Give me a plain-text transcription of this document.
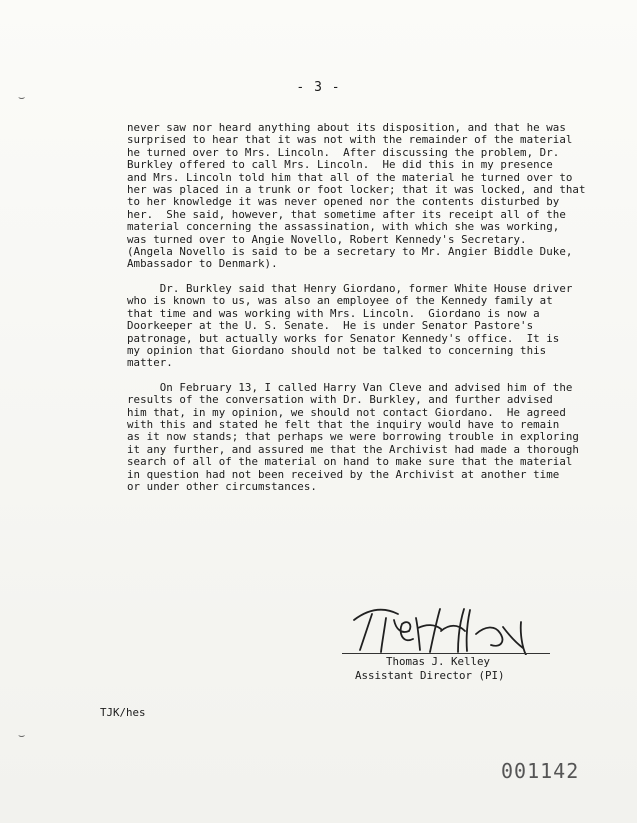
- 3 -
never saw nor heard anything about its disposition, and that he was
surprised to hear that it was not with the remainder of the material
he turned over to Mrs. Lincoln.  After discussing the problem, Dr.
Burkley offered to call Mrs. Lincoln.  He did this in my presence
and Mrs. Lincoln told him that all of the material he turned over to
her was placed in a trunk or foot locker; that it was locked, and that
to her knowledge it was never opened nor the contents disturbed by
her.  She said, however, that sometime after its receipt all of the
material concerning the assassination, with which she was working,
was turned over to Angie Novello, Robert Kennedy's Secretary.
(Angela Novello is said to be a secretary to Mr. Angier Biddle Duke,
Ambassador to Denmark).
Dr. Burkley said that Henry Giordano, former White House driver
who is known to us, was also an employee of the Kennedy family at
that time and was working with Mrs. Lincoln.  Giordano is now a
Doorkeeper at the U. S. Senate.  He is under Senator Pastore's
patronage, but actually works for Senator Kennedy's office.  It is
my opinion that Giordano should not be talked to concerning this
matter.
On February 13, I called Harry Van Cleve and advised him of the
results of the conversation with Dr. Burkley, and further advised
him that, in my opinion, we should not contact Giordano.  He agreed
with this and stated he felt that the inquiry would have to remain
as it now stands; that perhaps we were borrowing trouble in exploring
it any further, and assured me that the Archivist had made a thorough
search of all of the material on hand to make sure that the material
in question had not been received by the Archivist at another time
or under other circumstances.
Thomas J. Kelley
Assistant Director (PI)
TJK/hes
001142
⌣
⌣
